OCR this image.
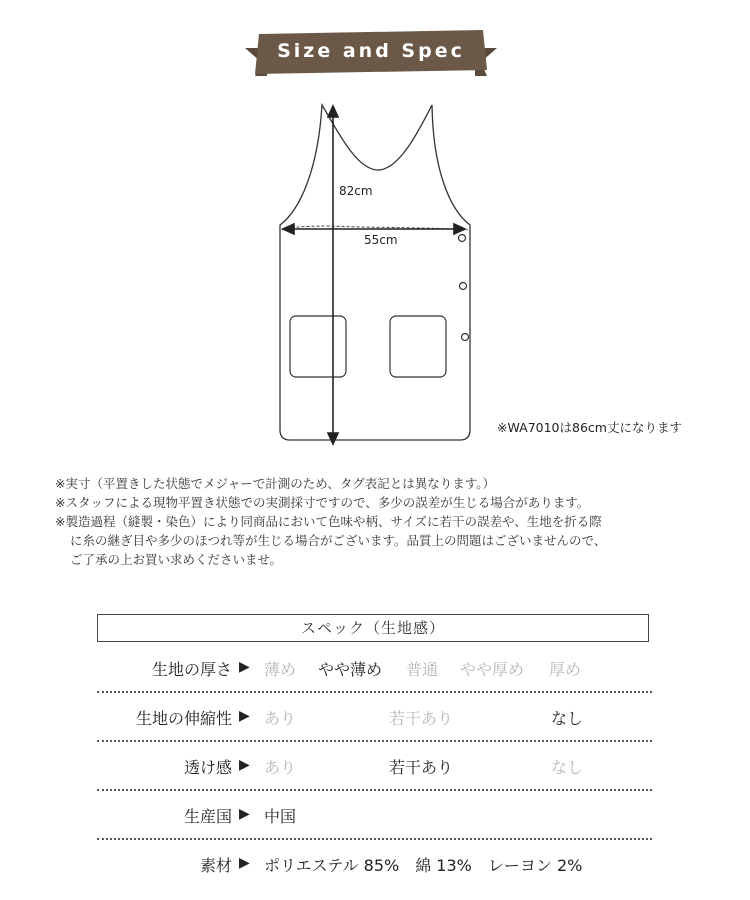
Size and Spec
82cm
55cm
※WA7010は86cm丈になります
※実寸（平置きした状態でメジャーで計測のため、タグ表記とは異なります。）
※スタッフによる現物平置き状態での実測採寸ですので、多少の誤差が生じる場合があります。
※製造過程（縫製・染色）により同商品において色味や柄、サイズに若干の誤差や、生地を折る際
に糸の継ぎ目や多少のほつれ等が生じる場合がございます。品質上の問題はございませんので、
ご了承の上お買い求めくださいませ。
スペック（生地感）
生地の厚さ ▶ 薄め やや薄め 普通 やや厚め 厚め
生地の伸縮性 ▶ あり	若干あり	なし
透け感 ▶ あり	若干あり	なし
生産国 ▶ 中国
素材 ▶ ポリエステル 85%　綿 13%　レーヨン 2%
